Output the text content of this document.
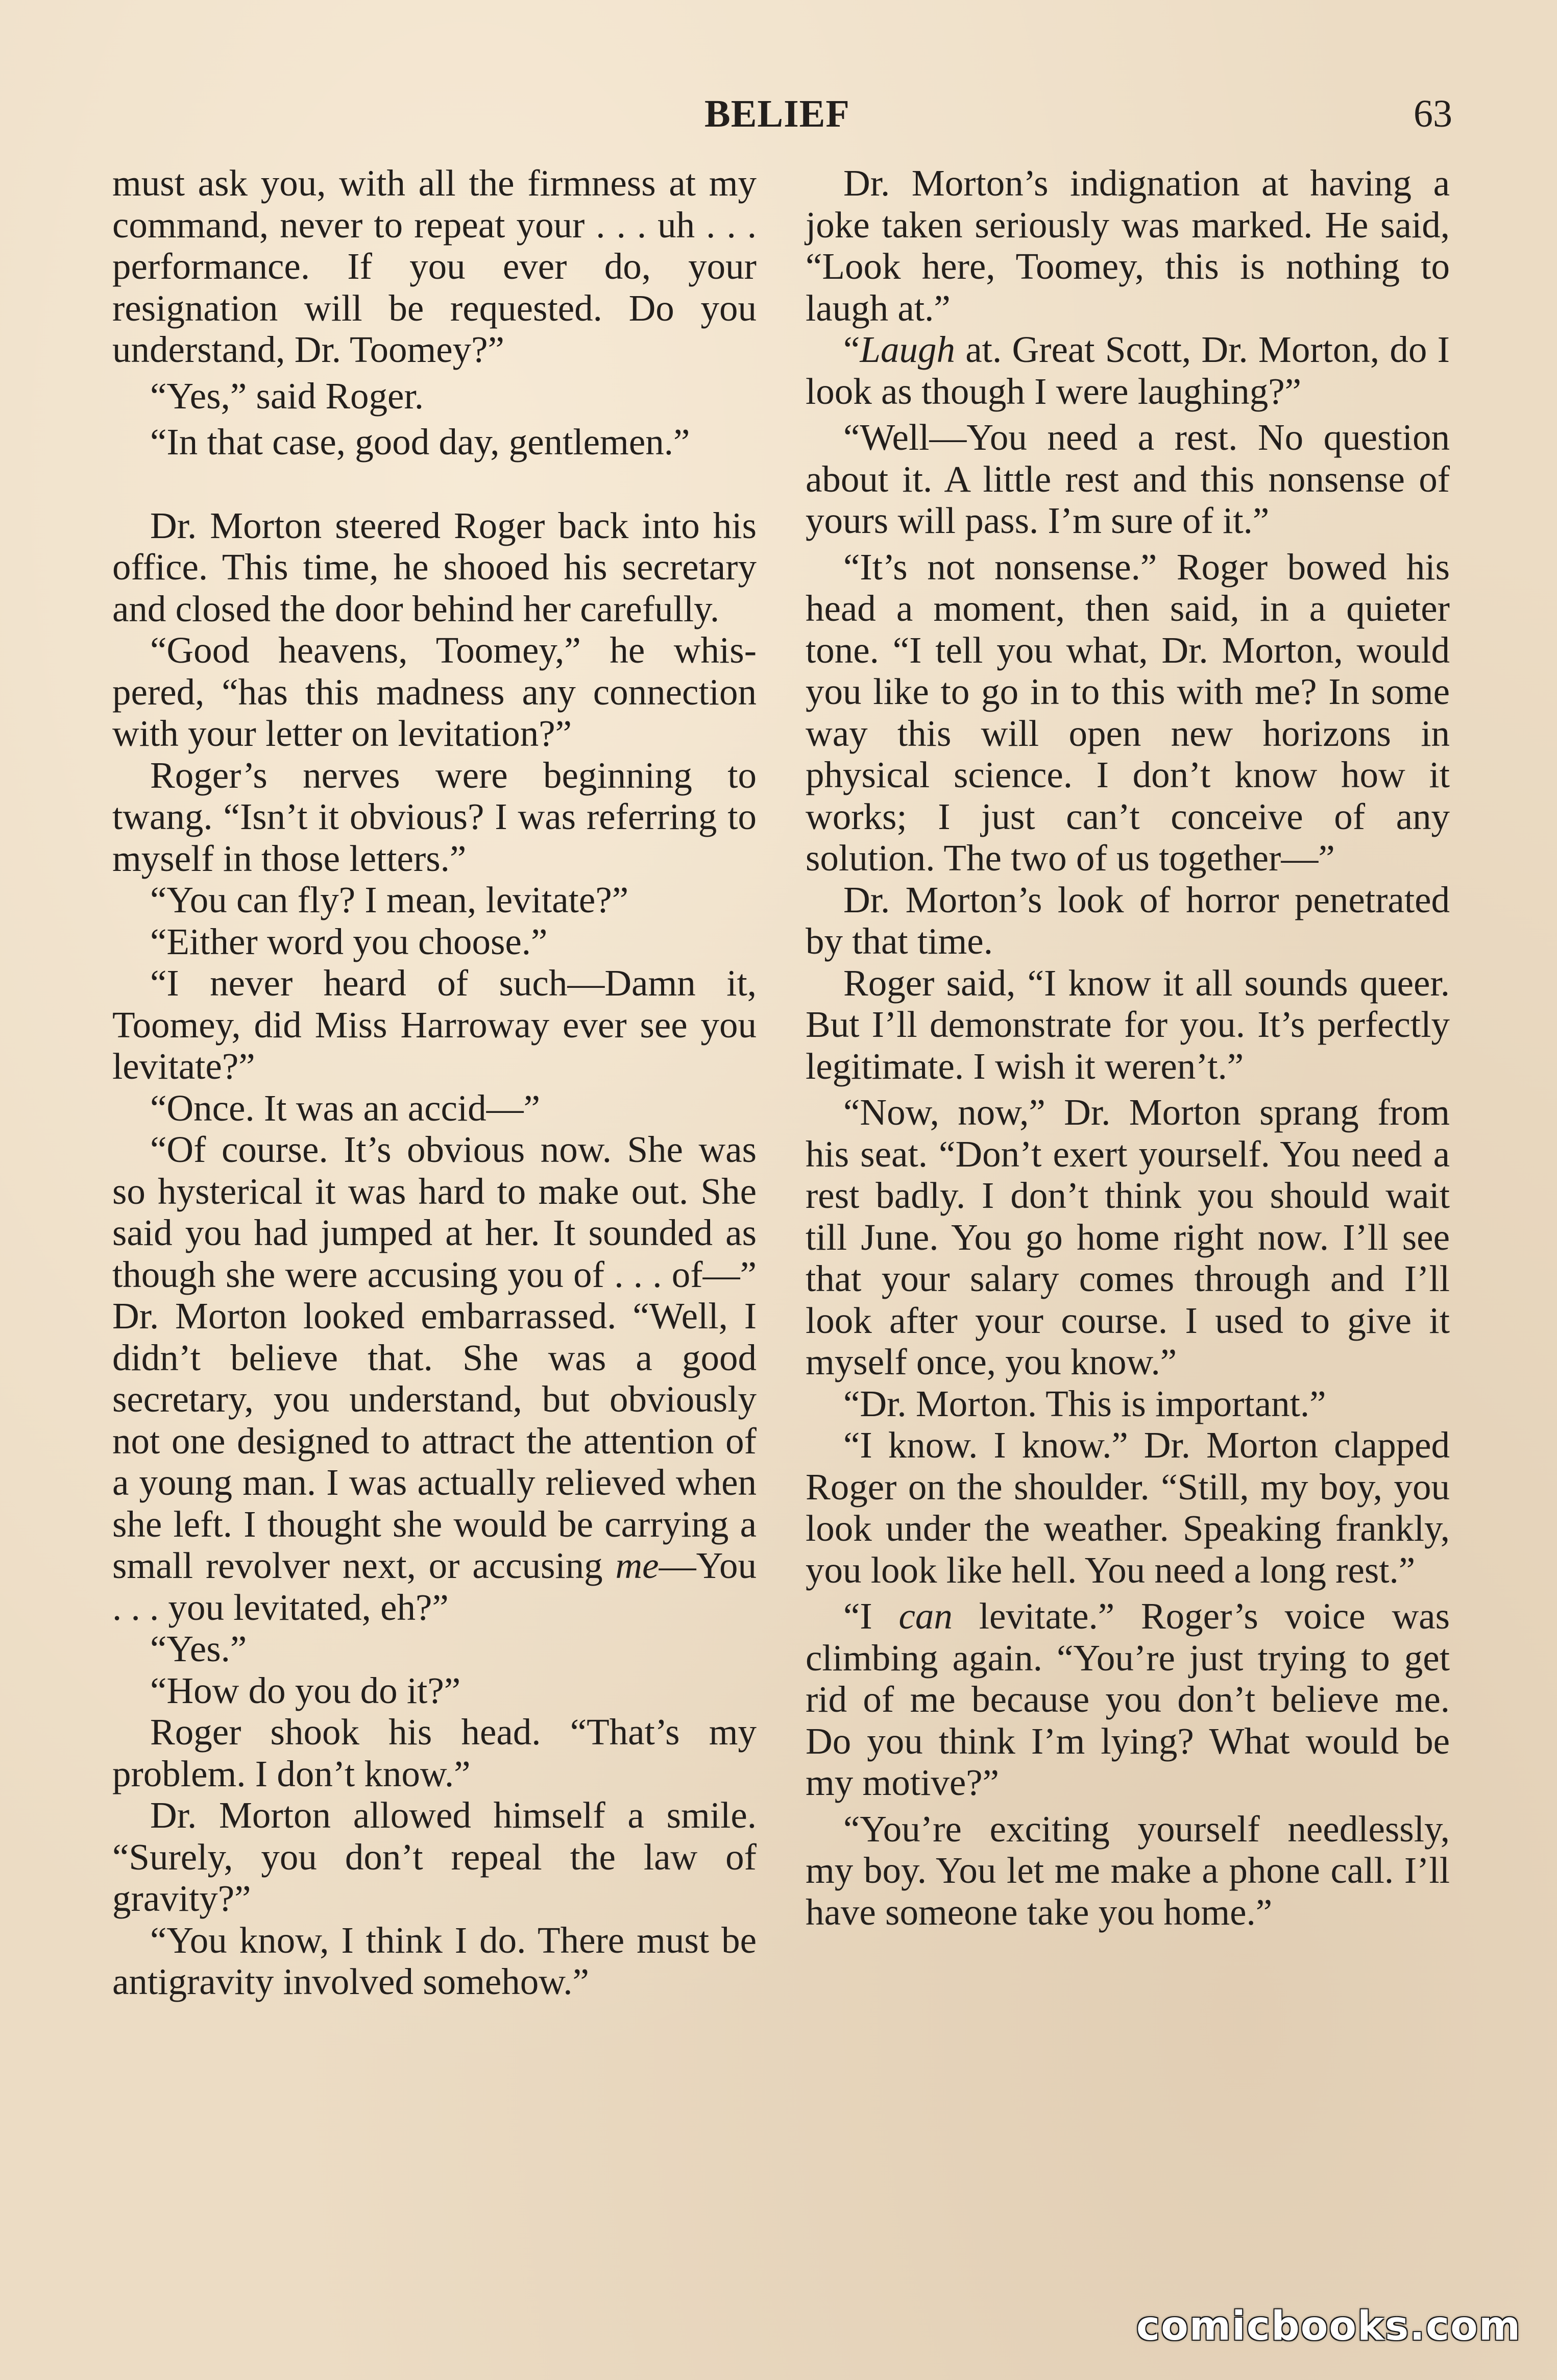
BELIEF	63

must ask you, with all the firmness at my command, never to repeat your . . . uh . . . performance. If you ever do, your resignation will be requested. Do you understand, Dr. Toomey?”

“Yes,” said Roger.

“In that case, good day, gentlemen.”

Dr. Morton steered Roger back into his office. This time, he shooed his secretary and closed the door behind her carefully.

“Good heavens, Toomey,” he whispered, “has this madness any connection with your letter on levitation?”

Roger’s nerves were beginning to twang. “Isn’t it obvious? I was referring to myself in those letters.”

“You can fly? I mean, levitate?”

“Either word you choose.”

“I never heard of such—Damn it, Toomey, did Miss Harroway ever see you levitate?”

“Once. It was an accid—”

“Of course. It’s obvious now. She was so hysterical it was hard to make out. She said you had jumped at her. It sounded as though she were accusing you of . . . of—” Dr. Morton looked embarrassed. “Well, I didn’t believe that. She was a good secretary, you understand, but obviously not one designed to attract the attention of a young man. I was actually relieved when she left. I thought she would be carrying a small revolver next, or accusing me—You . . . you levitated, eh?”

“Yes.”

“How do you do it?”

Roger shook his head. “That’s my problem. I don’t know.”

Dr. Morton allowed himself a smile. “Surely, you don’t repeal the law of gravity?”

“You know, I think I do. There must be antigravity involved somehow.”

Dr. Morton’s indignation at having a joke taken seriously was marked. He said, “Look here, Toomey, this is nothing to laugh at.”

“Laugh at. Great Scott, Dr. Morton, do I look as though I were laughing?”

“Well—You need a rest. No question about it. A little rest and this nonsense of yours will pass. I’m sure of it.”

“It’s not nonsense.” Roger bowed his head a moment, then said, in a quieter tone. “I tell you what, Dr. Morton, would you like to go in to this with me? In some way this will open new horizons in physical science. I don’t know how it works; I just can’t conceive of any solution. The two of us together—”

Dr. Morton’s look of horror penetrated by that time.

Roger said, “I know it all sounds queer. But I’ll demonstrate for you. It’s perfectly legitimate. I wish it weren’t.”

“Now, now,” Dr. Morton sprang from his seat. “Don’t exert yourself. You need a rest badly. I don’t think you should wait till June. You go home right now. I’ll see that your salary comes through and I’ll look after your course. I used to give it myself once, you know.”

“Dr. Morton. This is important.”

“I know. I know.” Dr. Morton clapped Roger on the shoulder. “Still, my boy, you look under the weather. Speaking frankly, you look like hell. You need a long rest.”

“I can levitate.” Roger’s voice was climbing again. “You’re just trying to get rid of me because you don’t believe me. Do you think I’m lying? What would be my motive?”

“You’re exciting yourself needlessly, my boy. You let me make a phone call. I’ll have someone take you home.”

comicbooks.com
